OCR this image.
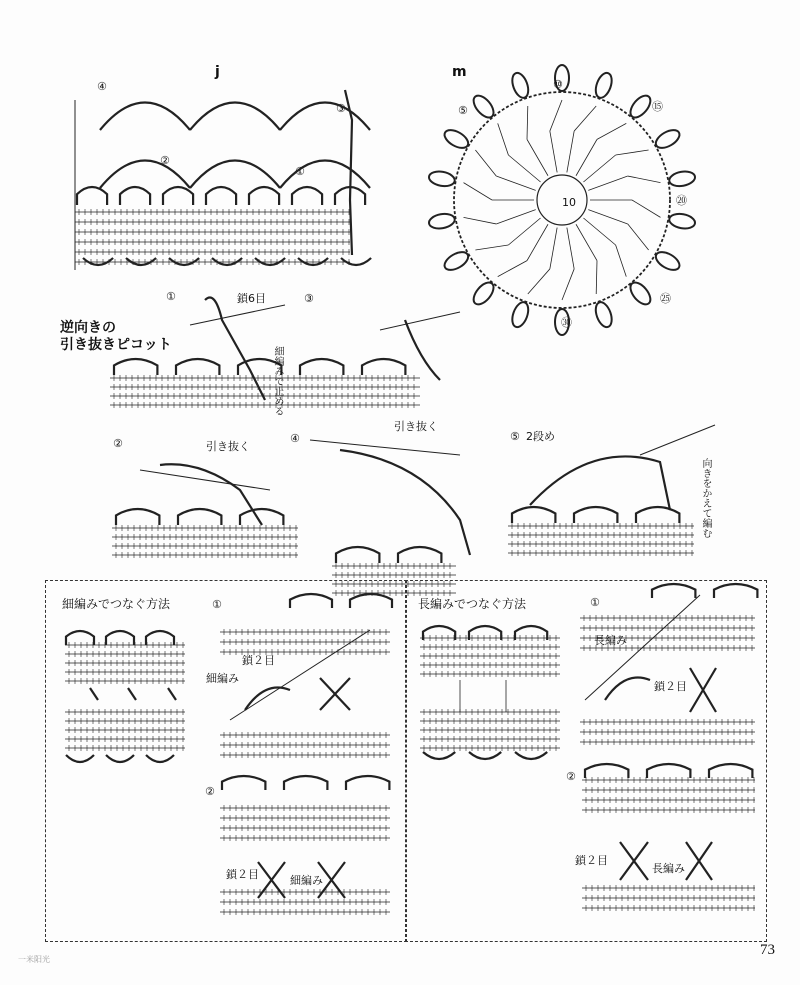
j
①
②
③
④
m
10
⑤
⑩
⑮
⑳
㉕
㉚
逆向きの
引き抜きピコット
①	鎖6目
細編みで止める
②	引き抜く
③
④
引き抜く
⑤ 2段め
向きをかえて編む
細編みでつなぐ方法	①
②
鎖２目
細編み
鎖２目	細編み
長編みでつなぐ方法	①
②
長編み
鎖２目
鎖２目
長編み
73
一米阳光
